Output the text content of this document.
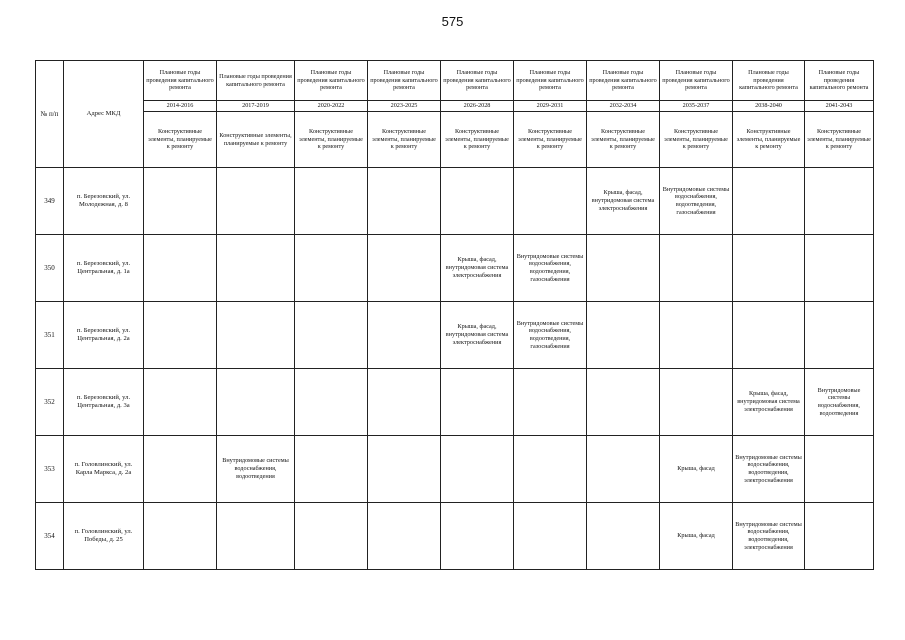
575
№ п/п	Адрес МКД	Плановые годы проведения капитального ремонта	Плановые годы проведения капитального ремонта	Плановые годы проведения капитального ремонта	Плановые годы проведения капитального ремонта	Плановые годы проведения капитального ремонта	Плановые годы проведения капитального ремонта	Плановые годы проведения капитального ремонта	Плановые годы проведения капитального ремонта	Плановые годы проведения капитального ремонта	Плановые годы проведения капитального ремонта
		2014-2016	2017-2019	2020-2022	2023-2025	2026-2028	2029-2031	2032-2034	2035-2037	2038-2040	2041-2043
		Конструктивные элементы, планируемые к ремонту	Конструктивные элементы, планируемые к ремонту	Конструктивные элементы, планируемые к ремонту	Конструктивные элементы, планируемые к ремонту	Конструктивные элементы, планируемые к ремонту	Конструктивные элементы, планируемые к ремонту	Конструктивные элементы, планируемые к ремонту	Конструктивные элементы, планируемые к ремонту	Конструктивные элементы, планируемые к ремонту	Конструктивные элементы, планируемые к ремонту
349	п. Березовский, ул. Молодежная, д. 8							Крыша, фасад, внутридомовая система электроснабжения	Внутридомовые системы водоснабжения, водоотведения, газоснабжения		
350	п. Березовский, ул. Центральная, д. 1а					Крыша, фасад, внутридомовая система электроснабжения	Внутридомовые системы водоснабжения, водоотведения, газоснабжения				
351	п. Березовский, ул. Центральная, д. 2а					Крыша, фасад, внутридомовая система электроснабжения	Внутридомовые системы водоснабжения, водоотведения, газоснабжения				
352	п. Березовский, ул. Центральная, д. 3а									Крыша, фасад, внутридомовая система электроснабжения	Внутридомовые системы водоснабжения, водоотведения
353	п. Головлинский, ул. Карла Маркса, д. 2а		Внутридомовые системы водоснабжения, водоотведения						Крыша, фасад	Внутридомовые системы водоснабжения, водоотведения, электроснабжения	
354	п. Головлинский, ул. Победы, д. 25								Крыша, фасад	Внутридомовые системы водоснабжения, водоотведения, электроснабжения	
